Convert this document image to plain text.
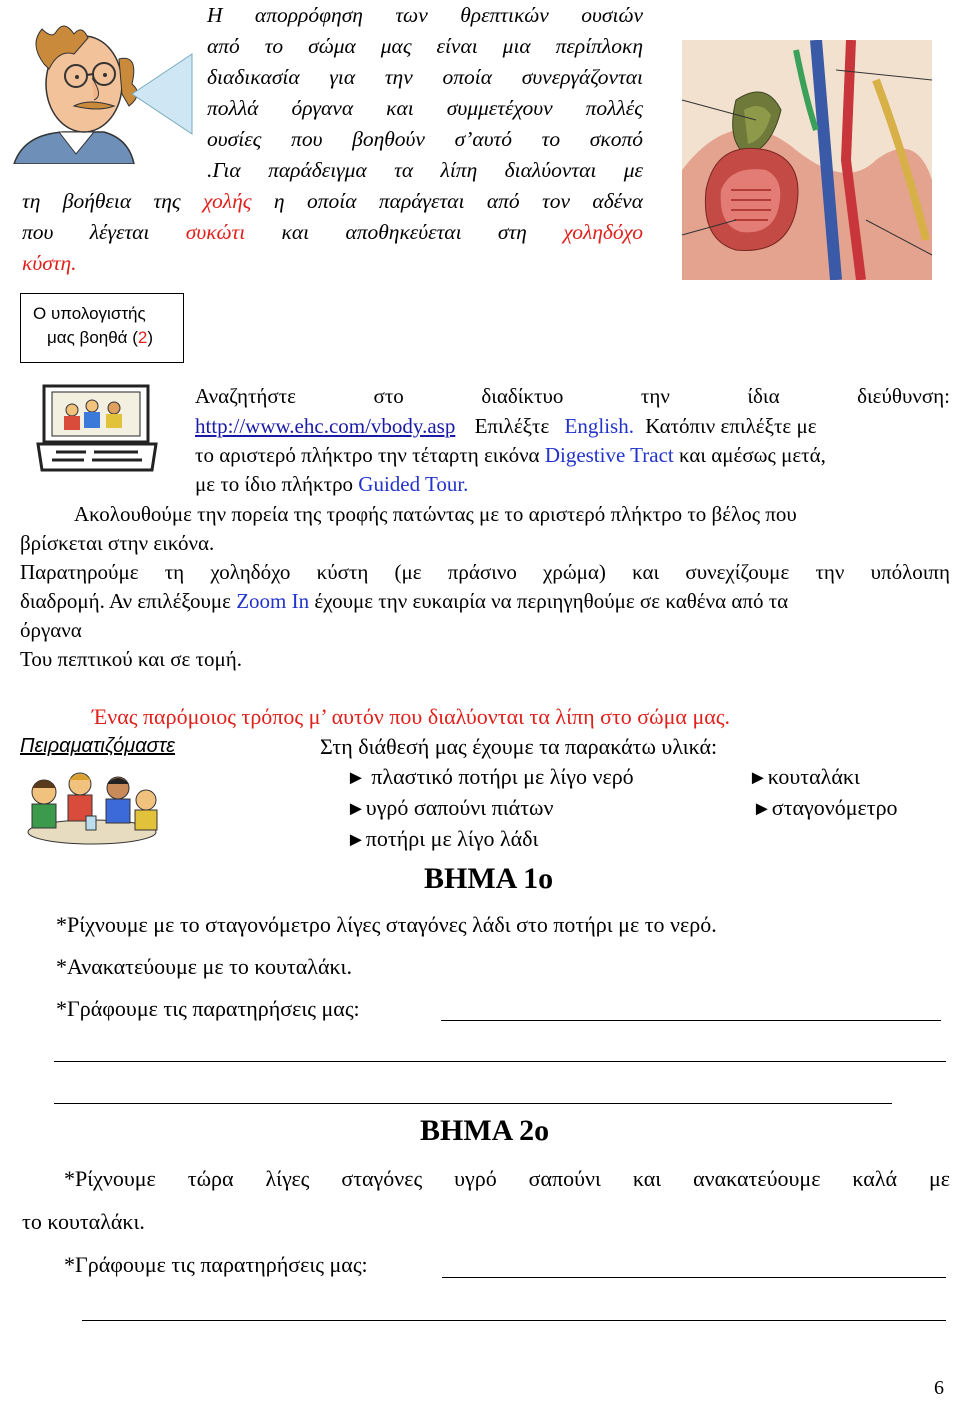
Η απορρόφηση των θρεπτικών ουσιών
από το σώμα μας είναι μια περίπλοκη
διαδικασία για την οποία συνεργάζονται
πολλά όργανα και συμμετέχουν πολλές
ουσίες που βοηθούν σ’αυτό το σκοπό
.Για παράδειγμα τα λίπη διαλύονται με
τη βοήθεια της χολής η οποία παράγεται από τον αδένα
που λέγεται συκώτι και αποθηκεύεται στη χοληδόχο
κύστη.
Ο υπολογιστής
μας βοηθά (2)
Αναζητήστε στο διαδίκτυο την ίδια διεύθυνση:
http://www.ehc.com/vbody.asp Επιλέξτε English. Κατόπιν επιλέξτε με
το αριστερό πλήκτρο την τέταρτη εικόνα Digestive Tract και αμέσως μετά,
με το ίδιο πλήκτρο Guided Tour.
Ακολουθούμε την πορεία της τροφής πατώντας με το αριστερό πλήκτρο το βέλος που
βρίσκεται στην εικόνα.
Παρατηρούμε τη χοληδόχο κύστη (με πράσινο χρώμα) και συνεχίζουμε την υπόλοιπη
διαδρομή. Αν επιλέξουμε Zoom In έχουμε την ευκαιρία να περιηγηθούμε σε καθένα από τα
όργανα
Του πεπτικού και σε τομή.
Ένας παρόμοιος τρόπος μ’ αυτόν που διαλύονται τα λίπη στο σώμα μας.
Πειραματιζόμαστε	Στη διάθεσή μας έχουμε τα παρακάτω υλικά:
► πλαστικό ποτήρι με λίγο νερό	►κουταλάκι
►υγρό σαπούνι πιάτων	►σταγονόμετρο
►ποτήρι με λίγο λάδι
ΒΗΜΑ 1ο
*Ρίχνουμε με το σταγονόμετρο λίγες σταγόνες λάδι στο ποτήρι με το νερό.
*Ανακατεύουμε με το κουταλάκι.
*Γράφουμε τις παρατηρήσεις μας:
ΒΗΜΑ 2ο
*Ρίχνουμε τώρα λίγες σταγόνες υγρό σαπούνι και ανακατεύουμε καλά με
το κουταλάκι.
*Γράφουμε τις παρατηρήσεις μας:
6
